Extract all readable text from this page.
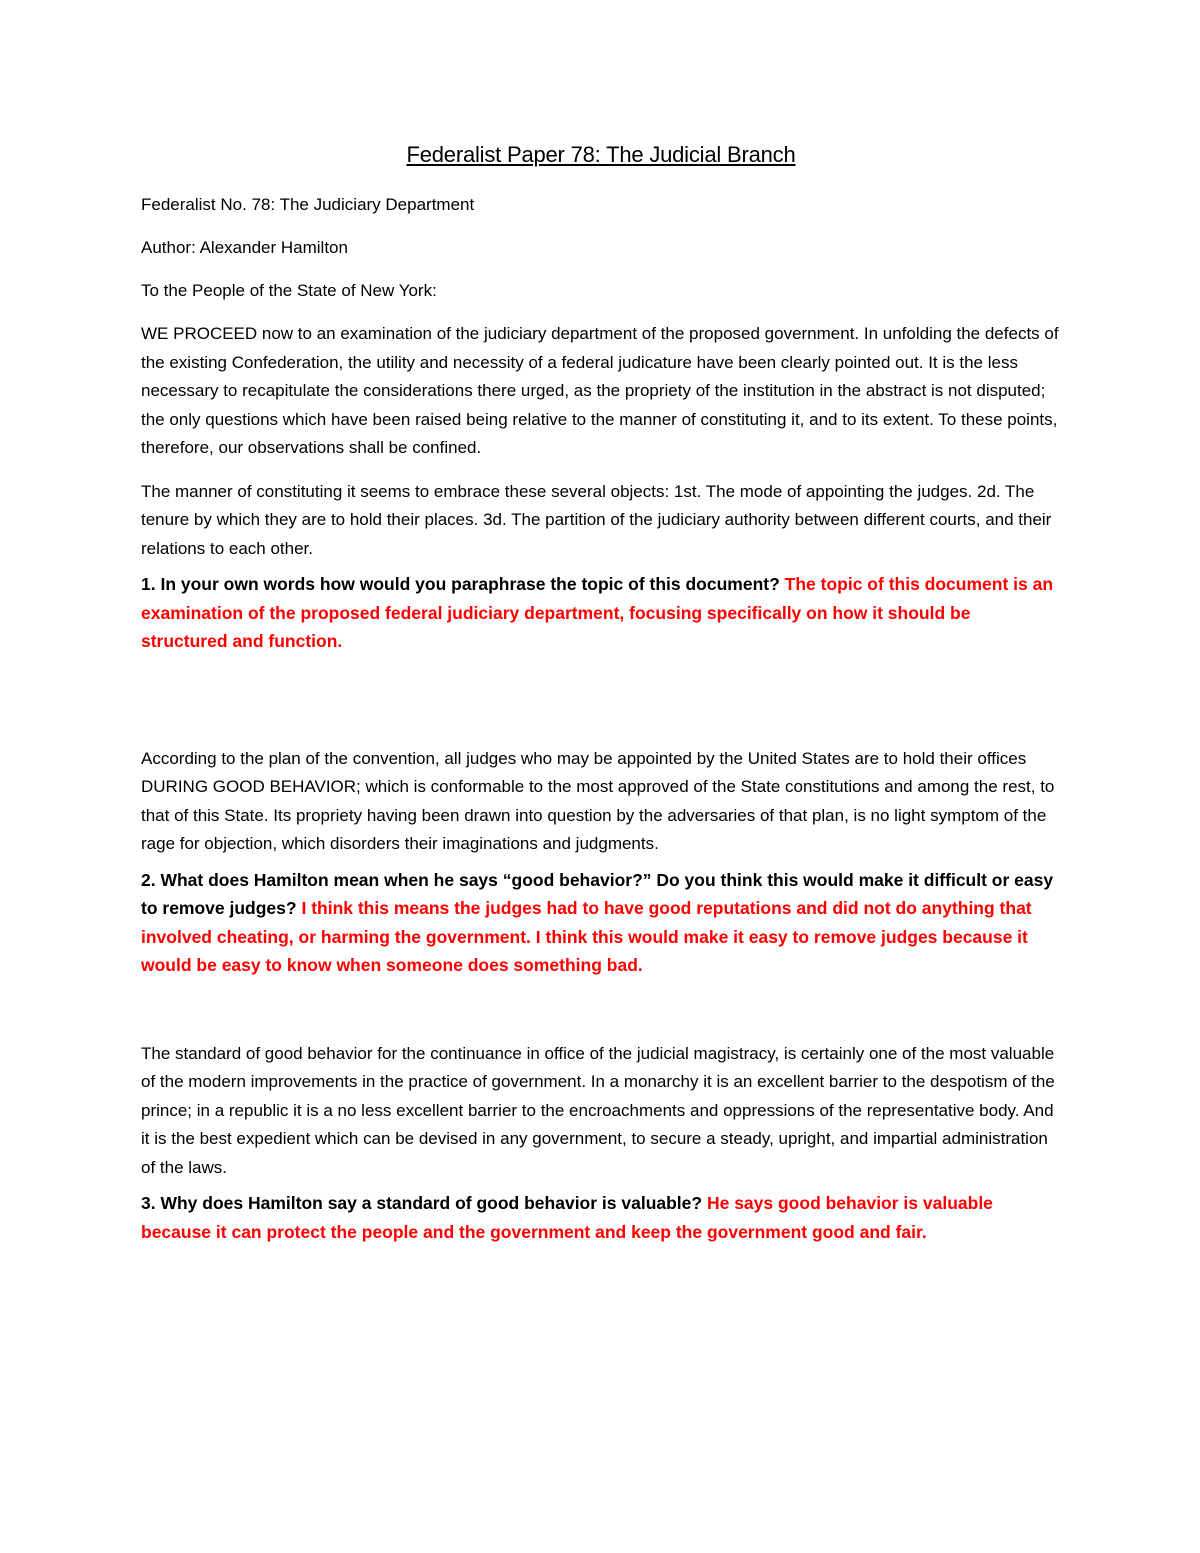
Federalist Paper 78: The Judicial Branch
Federalist No. 78: The Judiciary Department
Author: Alexander Hamilton
To the People of the State of New York:
WE PROCEED now to an examination of the judiciary department of the proposed government. In unfolding the defects of the existing Confederation, the utility and necessity of a federal judicature have been clearly pointed out. It is the less necessary to recapitulate the considerations there urged, as the propriety of the institution in the abstract is not disputed; the only questions which have been raised being relative to the manner of constituting it, and to its extent. To these points, therefore, our observations shall be confined.
The manner of constituting it seems to embrace these several objects: 1st. The mode of appointing the judges. 2d. The tenure by which they are to hold their places. 3d. The partition of the judiciary authority between different courts, and their relations to each other.
1. In your own words how would you paraphrase the topic of this document? The topic of this document is an examination of the proposed federal judiciary department, focusing specifically on how it should be structured and function.
According to the plan of the convention, all judges who may be appointed by the United States are to hold their offices DURING GOOD BEHAVIOR; which is conformable to the most approved of the State constitutions and among the rest, to that of this State. Its propriety having been drawn into question by the adversaries of that plan, is no light symptom of the rage for objection, which disorders their imaginations and judgments.
2. What does Hamilton mean when he says “good behavior?” Do you think this would make it difficult or easy to remove judges? I think this means the judges had to have good reputations and did not do anything that involved cheating, or harming the government. I think this would make it easy to remove judges because it would be easy to know when someone does something bad.
The standard of good behavior for the continuance in office of the judicial magistracy, is certainly one of the most valuable of the modern improvements in the practice of government. In a monarchy it is an excellent barrier to the despotism of the prince; in a republic it is a no less excellent barrier to the encroachments and oppressions of the representative body. And it is the best expedient which can be devised in any government, to secure a steady, upright, and impartial administration of the laws.
3. Why does Hamilton say a standard of good behavior is valuable? He says good behavior is valuable because it can protect the people and the government and keep the government good and fair.
